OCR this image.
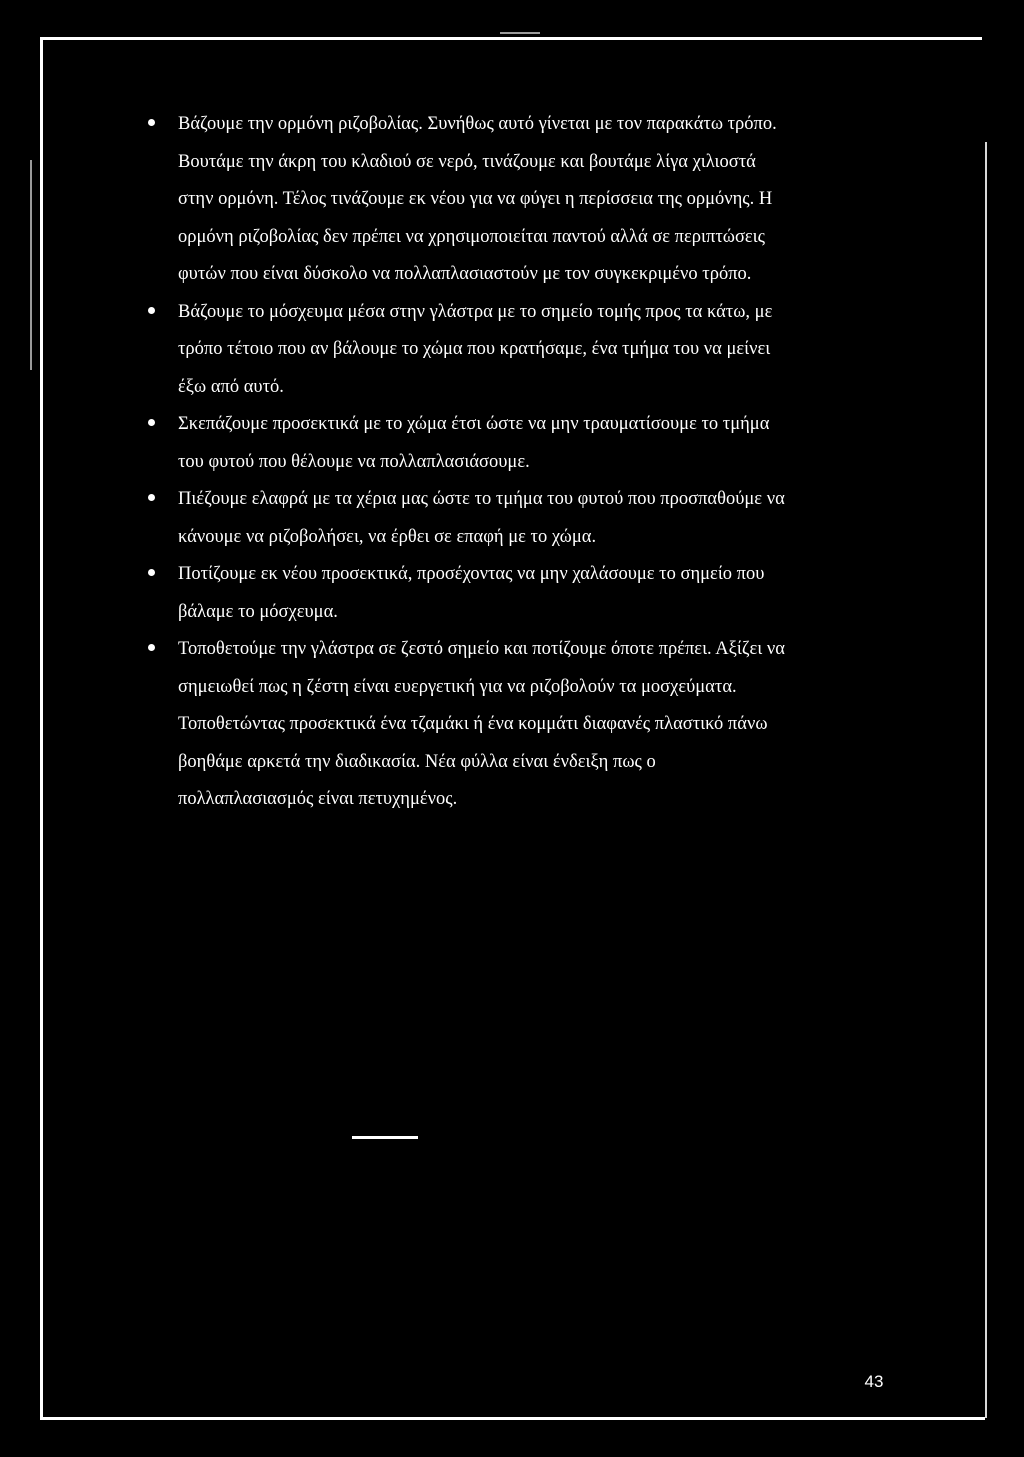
Βάζουμε την ορμόνη ριζοβολίας. Συνήθως αυτό γίνεται με τον παρακάτω τρόπο.
Βουτάμε την άκρη του κλαδιού σε νερό, τινάζουμε και βουτάμε λίγα χιλιοστά
στην ορμόνη. Τέλος τινάζουμε εκ νέου για να φύγει η περίσσεια της ορμόνης. Η
ορμόνη ριζοβολίας δεν πρέπει να χρησιμοποιείται παντού αλλά σε περιπτώσεις
φυτών που είναι δύσκολο να πολλαπλασιαστούν με τον συγκεκριμένο τρόπο.
Βάζουμε το μόσχευμα μέσα στην γλάστρα με το σημείο τομής προς τα κάτω, με
τρόπο τέτοιο που αν βάλουμε το χώμα που κρατήσαμε, ένα τμήμα του να μείνει
έξω από αυτό.
Σκεπάζουμε προσεκτικά με το χώμα έτσι ώστε να μην τραυματίσουμε το τμήμα
του φυτού που θέλουμε να πολλαπλασιάσουμε.
Πιέζουμε ελαφρά με τα χέρια μας ώστε το τμήμα του φυτού που προσπαθούμε να
κάνουμε να ριζοβολήσει, να έρθει σε επαφή με το χώμα.
Ποτίζουμε εκ νέου προσεκτικά, προσέχοντας να μην χαλάσουμε το σημείο που
βάλαμε το μόσχευμα.
Τοποθετούμε την γλάστρα σε ζεστό σημείο και ποτίζουμε όποτε πρέπει. Αξίζει να
σημειωθεί πως η ζέστη είναι ευεργετική για να ριζοβολούν τα μοσχεύματα.
Τοποθετώντας προσεκτικά ένα τζαμάκι ή ένα κομμάτι διαφανές πλαστικό πάνω
βοηθάμε αρκετά την διαδικασία. Νέα φύλλα είναι ένδειξη πως ο
πολλαπλασιασμός είναι πετυχημένος.
43
